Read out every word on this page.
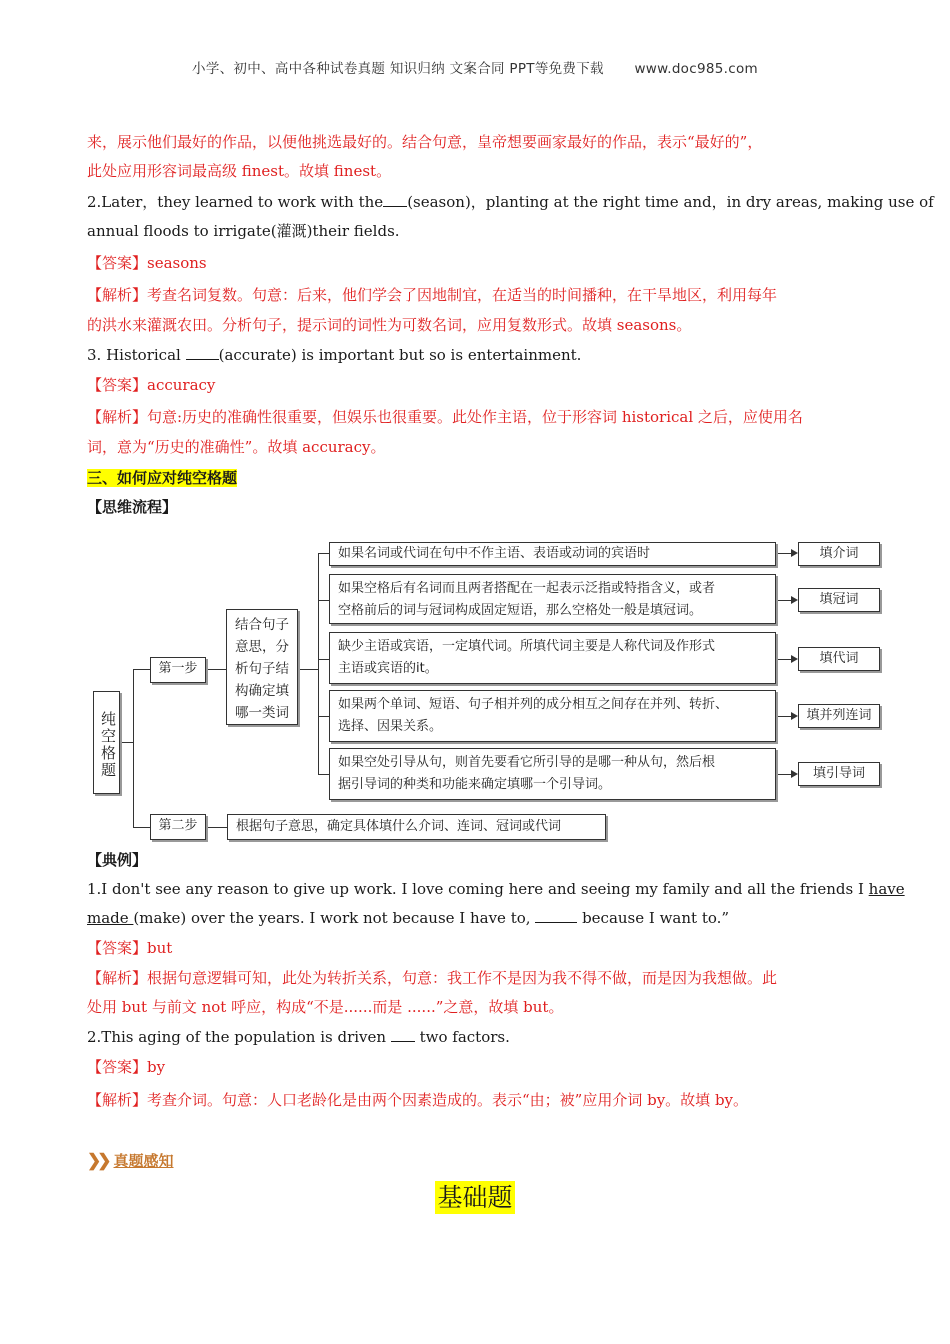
小学、初中、高中各种试卷真题 知识归纳 文案合同 PPT等免费下载 www.doc985.com
来，展示他们最好的作品，以便他挑选最好的。结合句意，皇帝想要画家最好的作品，表示“最好的”，
此处应用形容词最高级 finest。故填 finest。
2.Later，they learned to work with the (season)，planting at the right time and，in dry areas, making use of
annual floods to irrigate(灌溉)their fields.
【答案】seasons
【解析】考查名词复数。句意：后来，他们学会了因地制宜，在适当的时间播种，在干旱地区，利用每年
的洪水来灌溉农田。分析句子，提示词的词性为可数名词，应用复数形式。故填 seasons。
3. Historical (accurate) is important but so is entertainment.
【答案】accuracy
【解析】句意:历史的准确性很重要，但娱乐也很重要。此处作主语，位于形容词 historical 之后，应使用名
词，意为“历史的准确性”。故填 accuracy。
三、如何应对纯空格题
【思维流程】
【典例】
1.I don't see any reason to give up work. I love coming here and seeing my family and all the friends I have
made (make) over the years. I work not because I have to,	because I want to.”
【答案】but
【解析】根据句意逻辑可知，此处为转折关系，句意：我工作不是因为我不得不做，而是因为我想做。此
处用 but 与前文 not 呼应，构成“不是......而是 ......”之意，故填 but。
2.This aging of the population is driven  two factors.
【答案】by
【解析】考查介词。句意：人口老龄化是由两个因素造成的。表示“由；被”应用介词 by。故填 by。
❯❯ 真题感知
基础题
纯空格题
第一步
第二步
结合句子
意思，分
析句子结
构确定填
哪一类词
如果名词或代词在句中不作主语、表语或动词的宾语时
如果空格后有名词而且两者搭配在一起表示泛指或特指含义，或者
空格前后的词与冠词构成固定短语，那么空格处一般是填冠词。
缺少主语或宾语，一定填代词。所填代词主要是人称代词及作形式
主语或宾语的it。
如果两个单词、短语、句子相并列的成分相互之间存在并列、转折、
选择、因果关系。
如果空处引导从句，则首先要看它所引导的是哪一种从句，然后根
据引导词的种类和功能来确定填哪一个引导词。
填介词
填冠词
填代词
填并列连词
填引导词
根据句子意思，确定具体填什么介词、连词、冠词或代词
